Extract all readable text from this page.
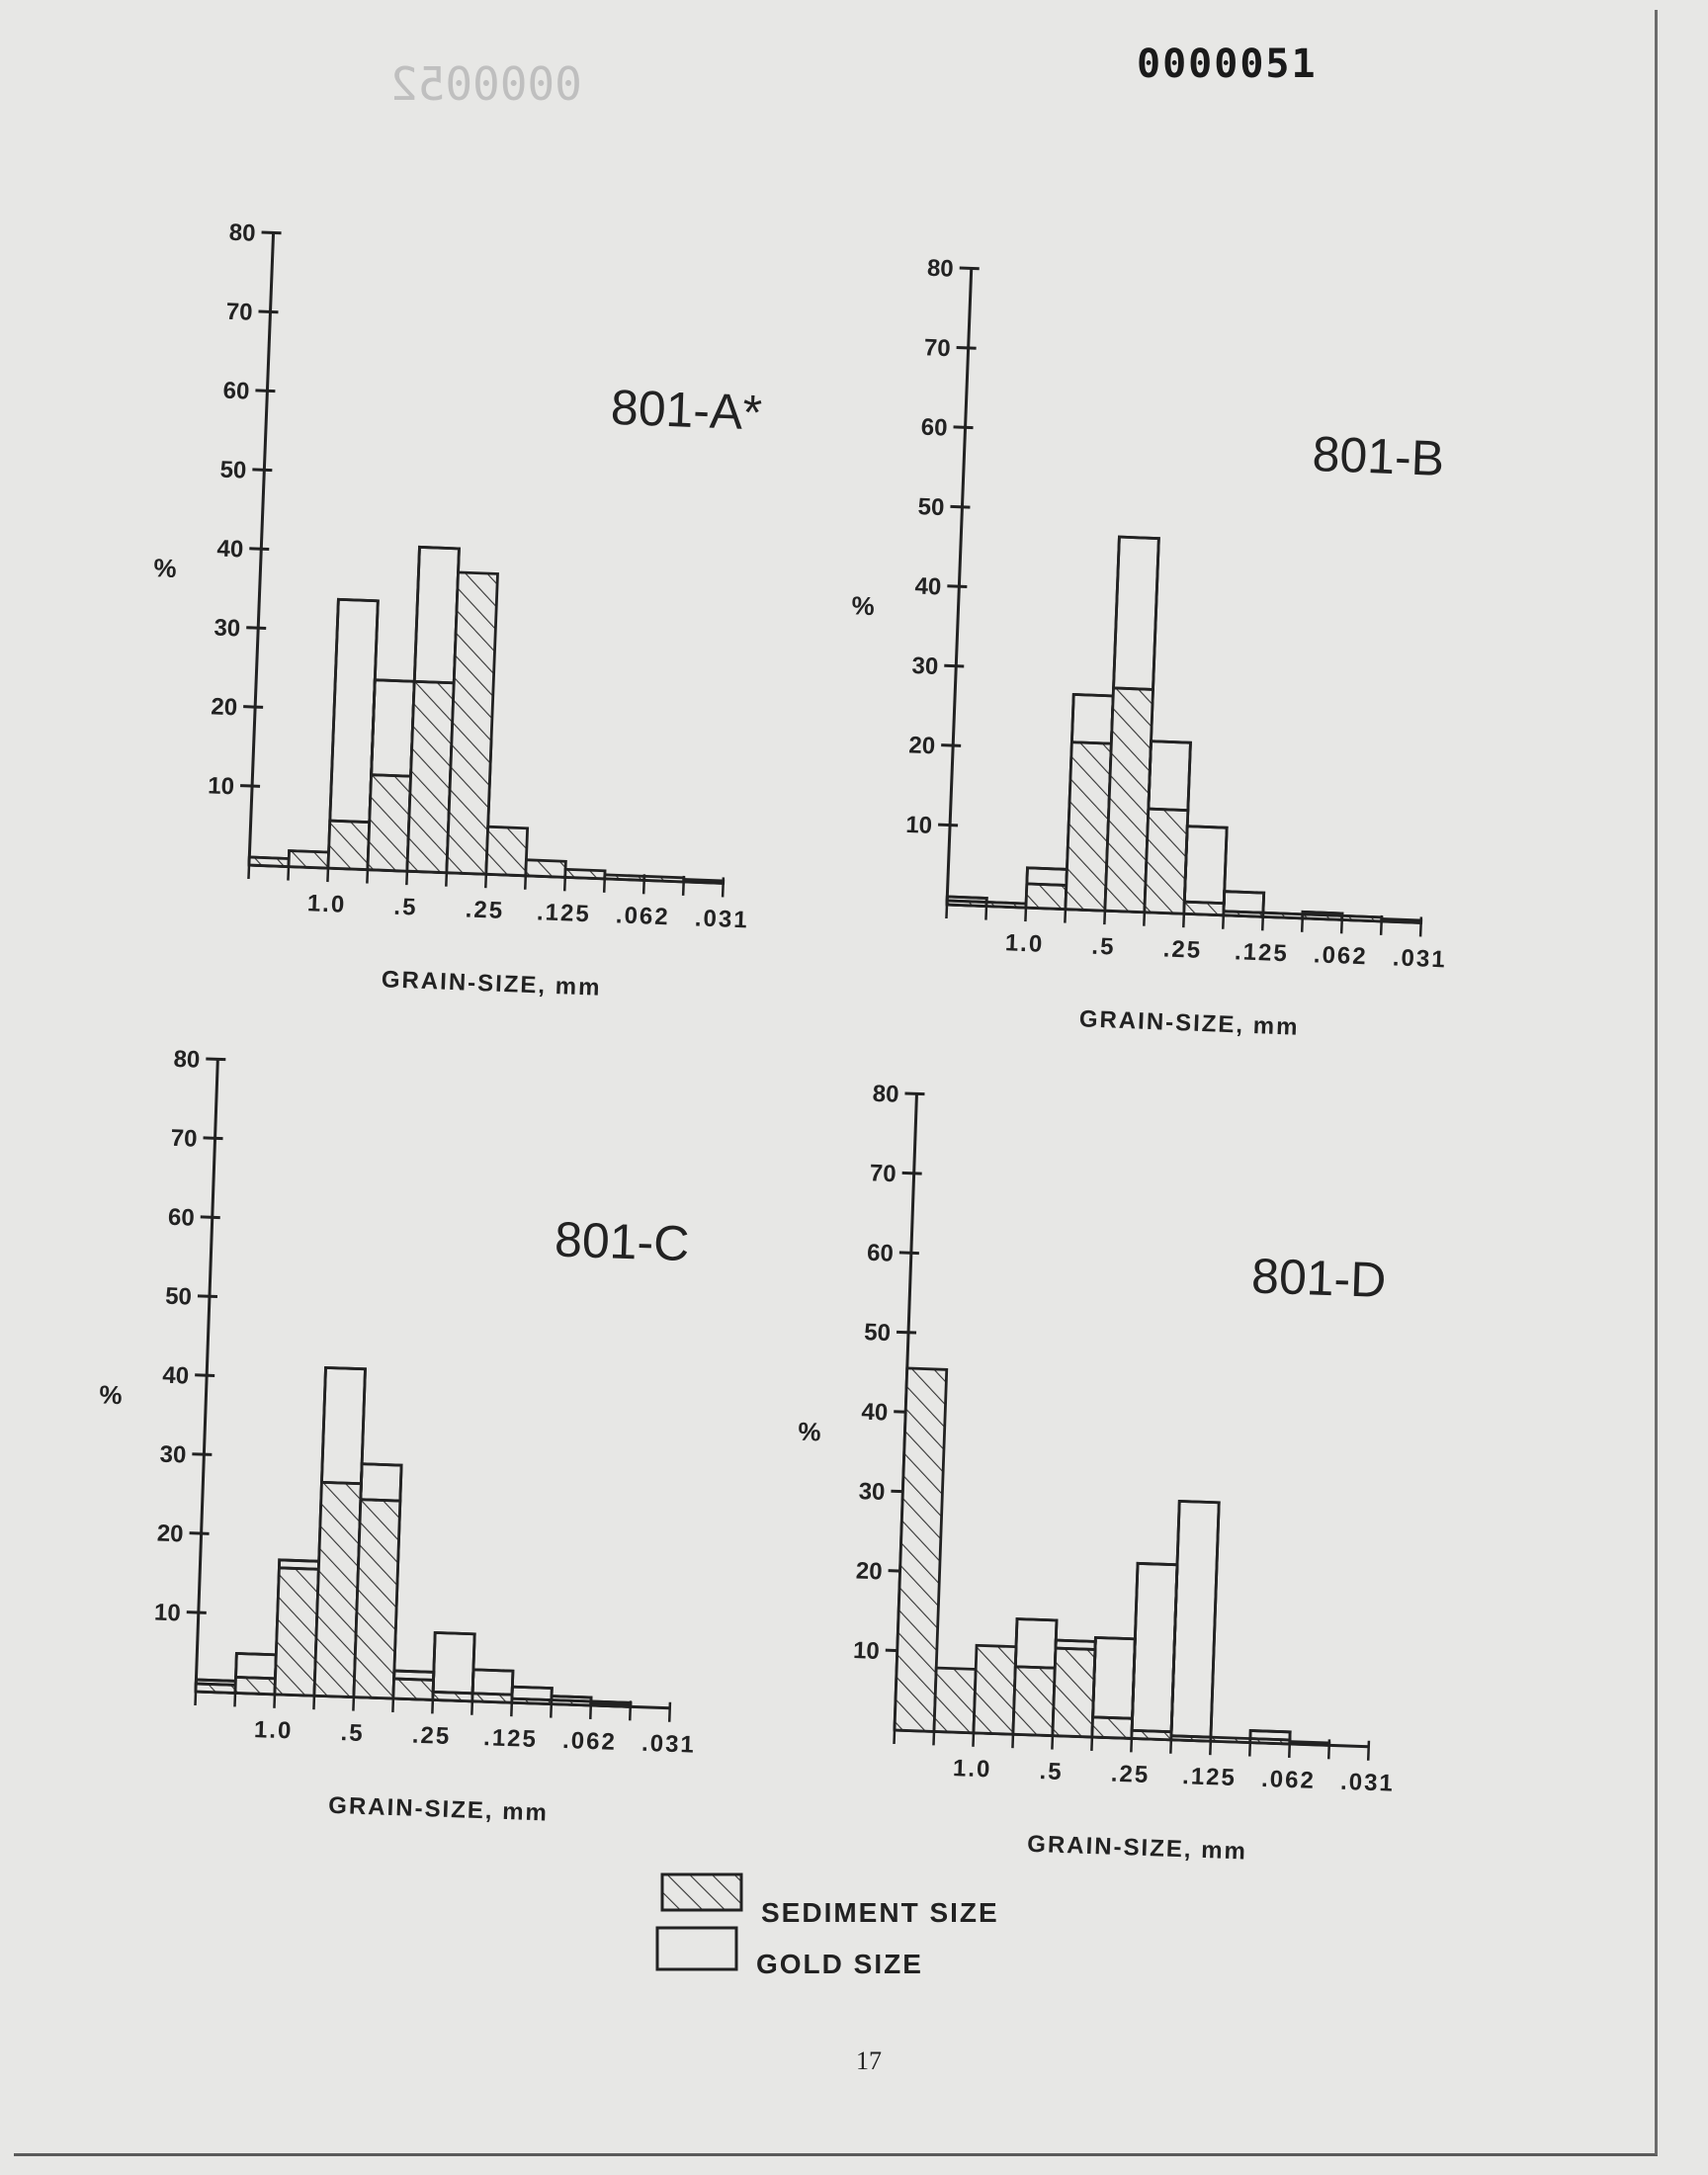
0000052	0000051
SEDIMENT SIZE
GOLD SIZE
80
70
60
50
40
30
20
10
%
1.0 .5 .25 .125 .062 .031
GRAIN-SIZE, mm
801-A*
80
70
60
50
40
30
20
10
%
1.0 .5 .25 .125 .062 .031
GRAIN-SIZE, mm
801-B
80
70
60
50
40
30
20
10
%
1.0 .5 .25 .125 .062 .031
GRAIN-SIZE, mm
801-C
80
70
60
50
40
30
20
10
%
1.0 .5 .25 .125 .062 .031
GRAIN-SIZE, mm
801-D
17
